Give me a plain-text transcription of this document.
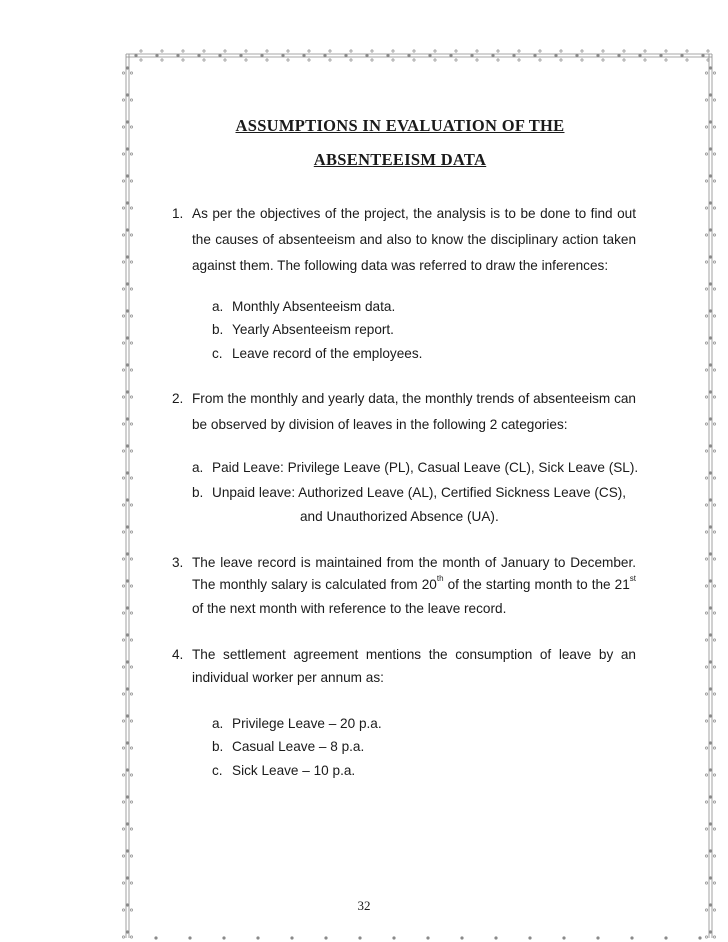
ASSUMPTIONS IN EVALUATION OF THE
ABSENTEEISM DATA
1. As per the objectives of the project, the analysis is to be done to find out
the causes of absenteeism and also to know the disciplinary action taken
against them. The following data was referred to draw the inferences:
a. Monthly Absenteeism data.
b. Yearly Absenteeism report.
c. Leave record of the employees.
2. From the monthly and yearly data, the monthly trends of absenteeism can
be observed by division of leaves in the following 2 categories:
a. Paid Leave: Privilege Leave (PL), Casual Leave (CL), Sick Leave (SL).
b. Unpaid leave: Authorized Leave (AL), Certified Sickness Leave (CS),
and Unauthorized Absence (UA).
3. The leave record is maintained from the month of January to December.
The monthly salary is calculated from 20th of the starting month to the 21st
of the next month with reference to the leave record.
4. The settlement agreement mentions the consumption of leave by an
individual worker per annum as:
a. Privilege Leave – 20 p.a.
b. Casual Leave – 8 p.a.
c. Sick Leave – 10 p.a.
32
